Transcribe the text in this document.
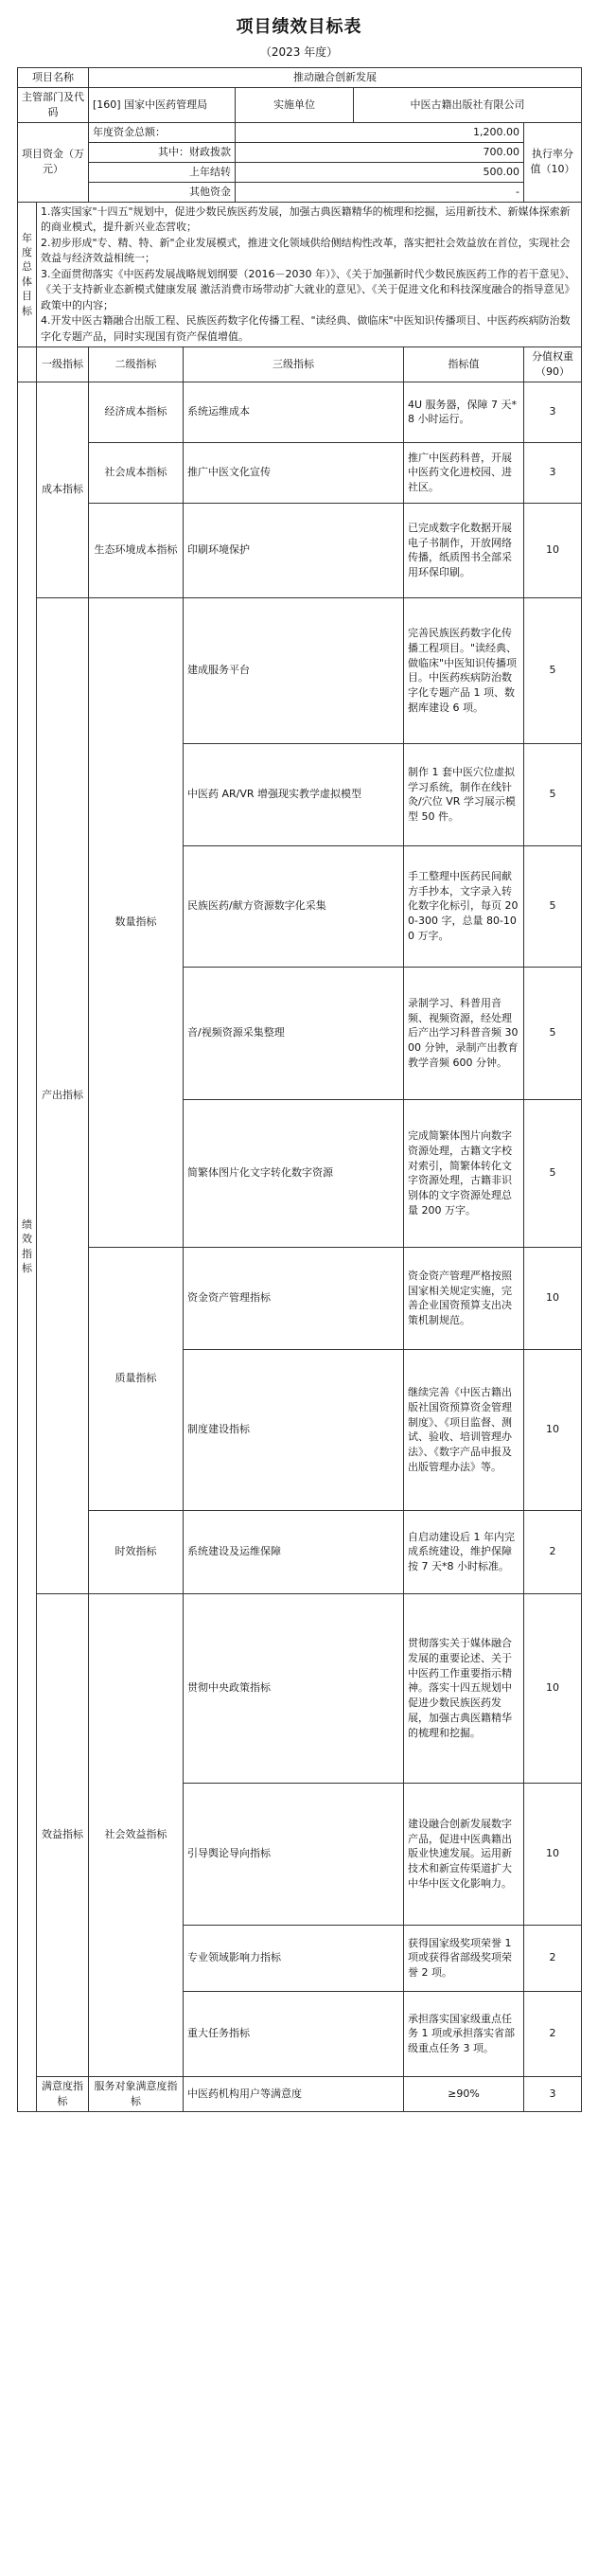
项目绩效目标表
（2023 年度）
项目名称		推动融合创新发展					
主管部门及代码		[160] 国家中医药管理局		实施单位	中医古籍出版社有限公司		
项目资金（万元）		年度资金总额：		1,200.00			执行率分值（10）
		其中：财政拨款		700.00			
		上年结转		500.00			
		其他资金		-			
年度总体目标	1.落实国家"十四五"规划中，促进少数民族医药发展，加强古典医籍精华的梳理和挖掘，运用新技术、新媒体探索新的商业模式，提升新兴业态营收；
2.初步形成"专、精、特、新"企业发展模式，推进文化领域供给侧结构性改革，落实把社会效益放在首位，实现社会效益与经济效益相统一；
3.全面贯彻落实《中医药发展战略规划纲要（2016－2030 年）》、《关于加强新时代少数民族医药工作的若干意见》、《关于支持新业态新模式健康发展 激活消费市场带动扩大就业的意见》、《关于促进文化和科技深度融合的指导意见》政策中的内容；
4.开发中医古籍融合出版工程、民族医药数字化传播工程、"读经典、做临床"中医知识传播项目、中医药疾病防治数字化专题产品，同时实现国有资产保值增值。						

	一级指标	二级指标	三级指标			指标值	分值权重（90）
绩效指标	成本指标	经济成本指标	系统运维成本			4U 服务器，保障 7 天*8 小时运行。	3
		社会成本指标	推广中医文化宣传			推广中医药科普，开展中医药文化进校园、进社区。	3
		生态环境成本指标	印刷环境保护			已完成数字化数据开展电子书制作，开放网络传播，纸质图书全部采用环保印刷。	10
	产出指标	数量指标	建成服务平台			完善民族医药数字化传播工程项目。"读经典、做临床"中医知识传播项目。中医药疾病防治数字化专题产品 1 项、数据库建设 6 项。	5
			中医药 AR/VR 增强现实教学虚拟模型			制作 1 套中医穴位虚拟学习系统，制作在线针灸/穴位 VR 学习展示模型 50 件。	5
			民族医药/献方资源数字化采集			手工整理中医药民间献方手抄本，文字录入转化数字化标引，每页 200-300 字，总量 80-100 万字。	5
			音/视频资源采集整理			录制学习、科普用音频、视频资源，经处理后产出学习科普音频 3000 分钟，录制产出教育教学音频 600 分钟。	5
			简繁体图片化文字转化数字资源			完成简繁体图片向数字资源处理，古籍文字校对索引，简繁体转化文字资源处理，古籍非识别体的文字资源处理总量 200 万字。	5
		质量指标	资金资产管理指标			资金资产管理严格按照国家相关规定实施，完善企业国资预算支出决策机制规范。	10
			制度建设指标			继续完善《中医古籍出版社国资预算资金管理制度》、《项目监督、测试、验收、培训管理办法》、《数字产品申报及出版管理办法》等。	10
		时效指标	系统建设及运维保障			自启动建设后 1 年内完成系统建设，维护保障按 7 天*8 小时标准。	2
	效益指标	社会效益指标	贯彻中央政策指标			贯彻落实关于媒体融合发展的重要论述、关于中医药工作重要指示精神。落实十四五规划中促进少数民族医药发展，加强古典医籍精华的梳理和挖掘。	10
			引导舆论导向指标			建设融合创新发展数字产品，促进中医典籍出版业快速发展。运用新技术和新宣传渠道扩大中华中医文化影响力。	10
			专业领域影响力指标			获得国家级奖项荣誉 1 项或获得省部级奖项荣誉 2 项。	2
			重大任务指标			承担落实国家级重点任务 1 项或承担落实省部级重点任务 3 项。	2
	满意度指标	服务对象满意度指标	中医药机构用户等满意度			≥90%	3
